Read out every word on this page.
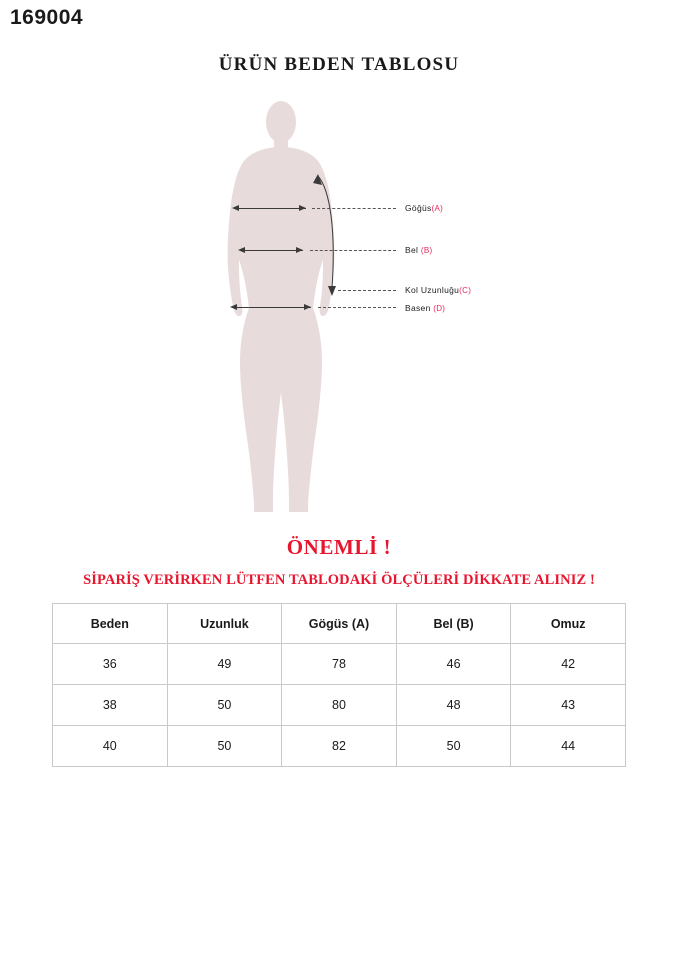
169004
ÜRÜN BEDEN TABLOSU
Göğüs(A)
Bel (B)
Kol Uzunluğu(C)
Basen (D)
ÖNEMLİ !
SİPARİŞ VERİRKEN LÜTFEN TABLODAKİ ÖLÇÜLERİ DİKKATE ALINIZ !
Beden	Uzunluk	Gögüs (A)	Bel (B)	Omuz
36	49	78	46	42
38	50	80	48	43
40	50	82	50	44
